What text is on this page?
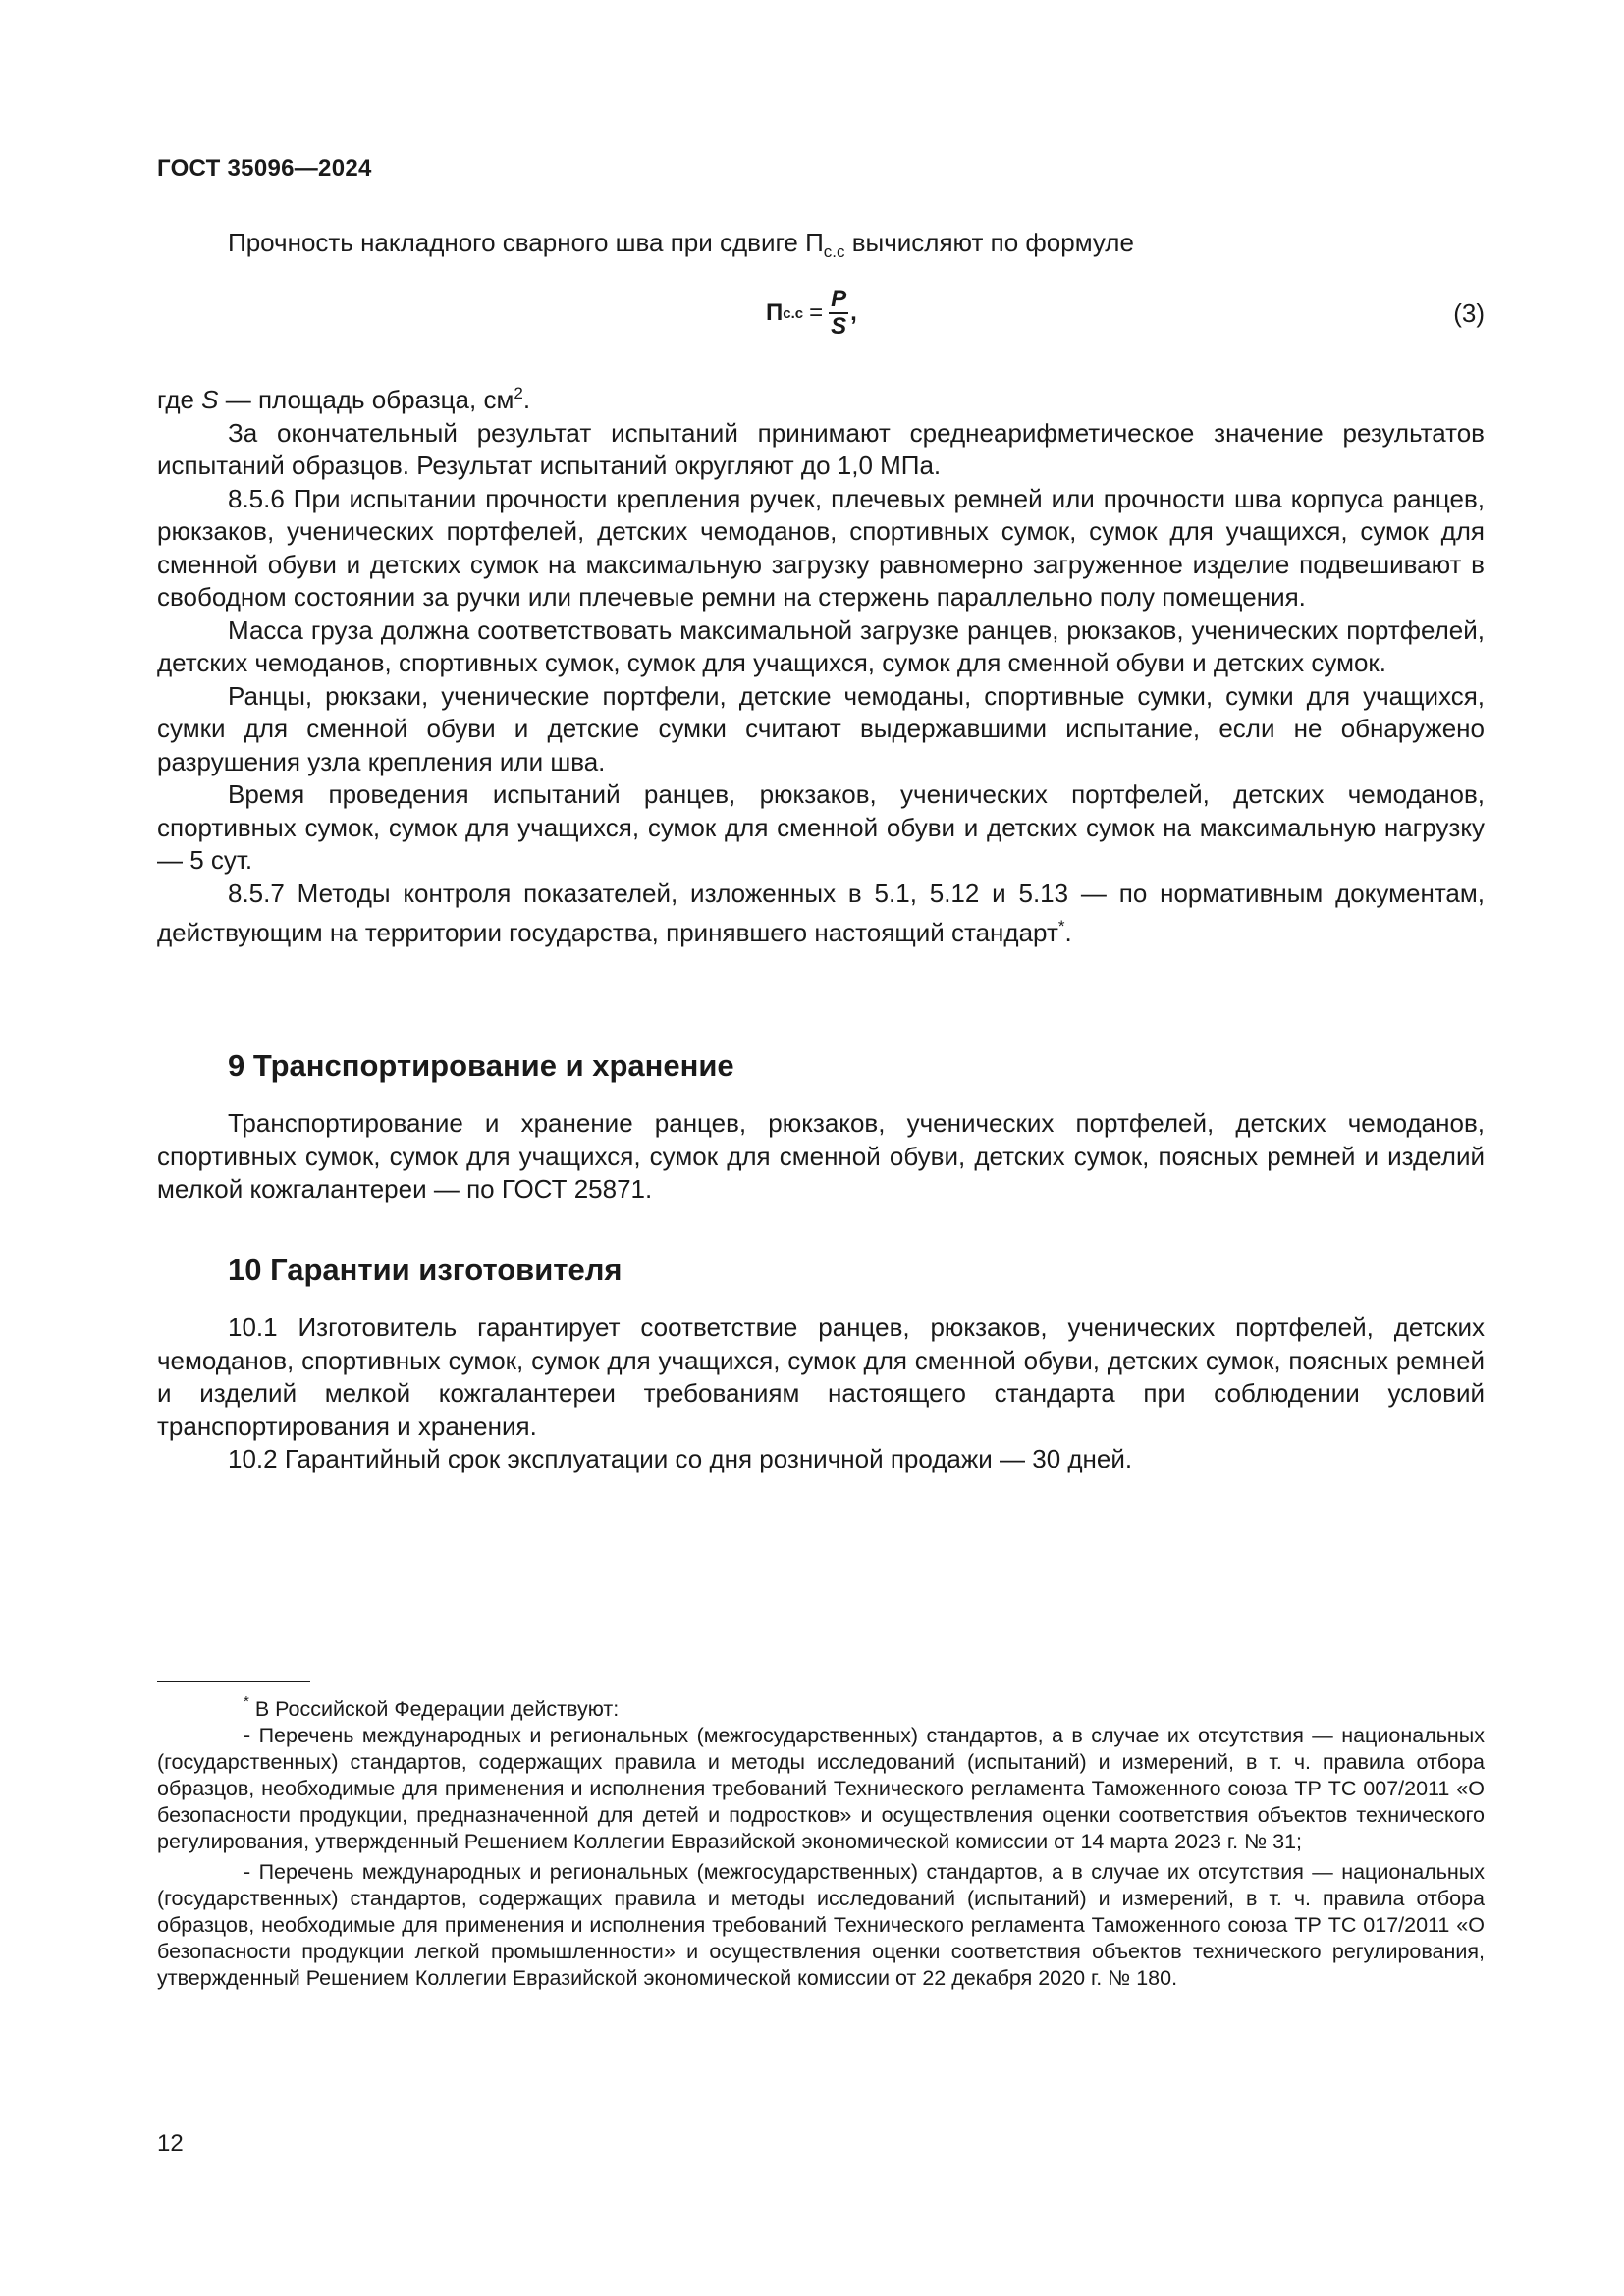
ГОСТ 35096—2024

Прочность накладного сварного шва при сдвиге $П_{с.с}$ вычисляют по формуле

П $с.с = \frac{P}{S}$ ,	(3)

где S — площадь образца, $см^2$.

За окончательный результат испытаний принимают среднеарифметическое значение результатов испытаний образцов. Результат испытаний округляют до 1,0 МПа.

8.5.6 При испытании прочности крепления ручек, плечевых ремней или прочности шва корпуса ранцев, рюкзаков, ученических портфелей, детских чемоданов, спортивных сумок, сумок для учащихся, сумок для сменной обуви и детских сумок на максимальную загрузку равномерно загруженное изделие подвешивают в свободном состоянии за ручки или плечевые ремни на стержень параллельно полу помещения.

Масса груза должна соответствовать максимальной загрузке ранцев, рюкзаков, ученических портфелей, детских чемоданов, спортивных сумок, сумок для учащихся, сумок для сменной обуви и детских сумок.

Ранцы, рюкзаки, ученические портфели, детские чемоданы, спортивные сумки, сумки для учащихся, сумки для сменной обуви и детские сумки считают выдержавшими испытание, если не обнаружено разрушения узла крепления или шва.

Время проведения испытаний ранцев, рюкзаков, ученических портфелей, детских чемоданов, спортивных сумок, сумок для учащихся, сумок для сменной обуви и детских сумок на максимальную нагрузку — 5 сут.

8.5.7 Методы контроля показателей, изложенных в 5.1, 5.12 и 5.13 — по нормативным документам, действующим на территории государства, принявшего настоящий стандарт*.

9 Транспортирование и хранение

Транспортирование и хранение ранцев, рюкзаков, ученических портфелей, детских чемоданов, спортивных сумок, сумок для учащихся, сумок для сменной обуви, детских сумок, поясных ремней и изделий мелкой кожгалантереи — по ГОСТ 25871.

10 Гарантии изготовителя

10.1 Изготовитель гарантирует соответствие ранцев, рюкзаков, ученических портфелей, детских чемоданов, спортивных сумок, сумок для учащихся, сумок для сменной обуви, детских сумок, поясных ремней и изделий мелкой кожгалантереи требованиям настоящего стандарта при соблюдении условий транспортирования и хранения.

10.2 Гарантийный срок эксплуатации со дня розничной продажи — 30 дней.

* В Российской Федерации действуют:

- Перечень международных и региональных (межгосударственных) стандартов, а в случае их отсутствия — национальных (государственных) стандартов, содержащих правила и методы исследований (испытаний) и измерений, в т. ч. правила отбора образцов, необходимые для применения и исполнения требований Технического регламента Таможенного союза ТР ТС 007/2011 «О безопасности продукции, предназначенной для детей и подростков» и осуществления оценки соответствия объектов технического регулирования, утвержденный Решением Коллегии Евразийской экономической комиссии от 14 марта 2023 г. № 31;

- Перечень международных и региональных (межгосударственных) стандартов, а в случае их отсутствия — национальных (государственных) стандартов, содержащих правила и методы исследований (испытаний) и измерений, в т. ч. правила отбора образцов, необходимые для применения и исполнения требований Технического регламента Таможенного союза ТР ТС 017/2011 «О безопасности продукции легкой промышленности» и осуществления оценки соответствия объектов технического регулирования, утвержденный Решением Коллегии Евразийской экономической комиссии от 22 декабря 2020 г. № 180.

12
